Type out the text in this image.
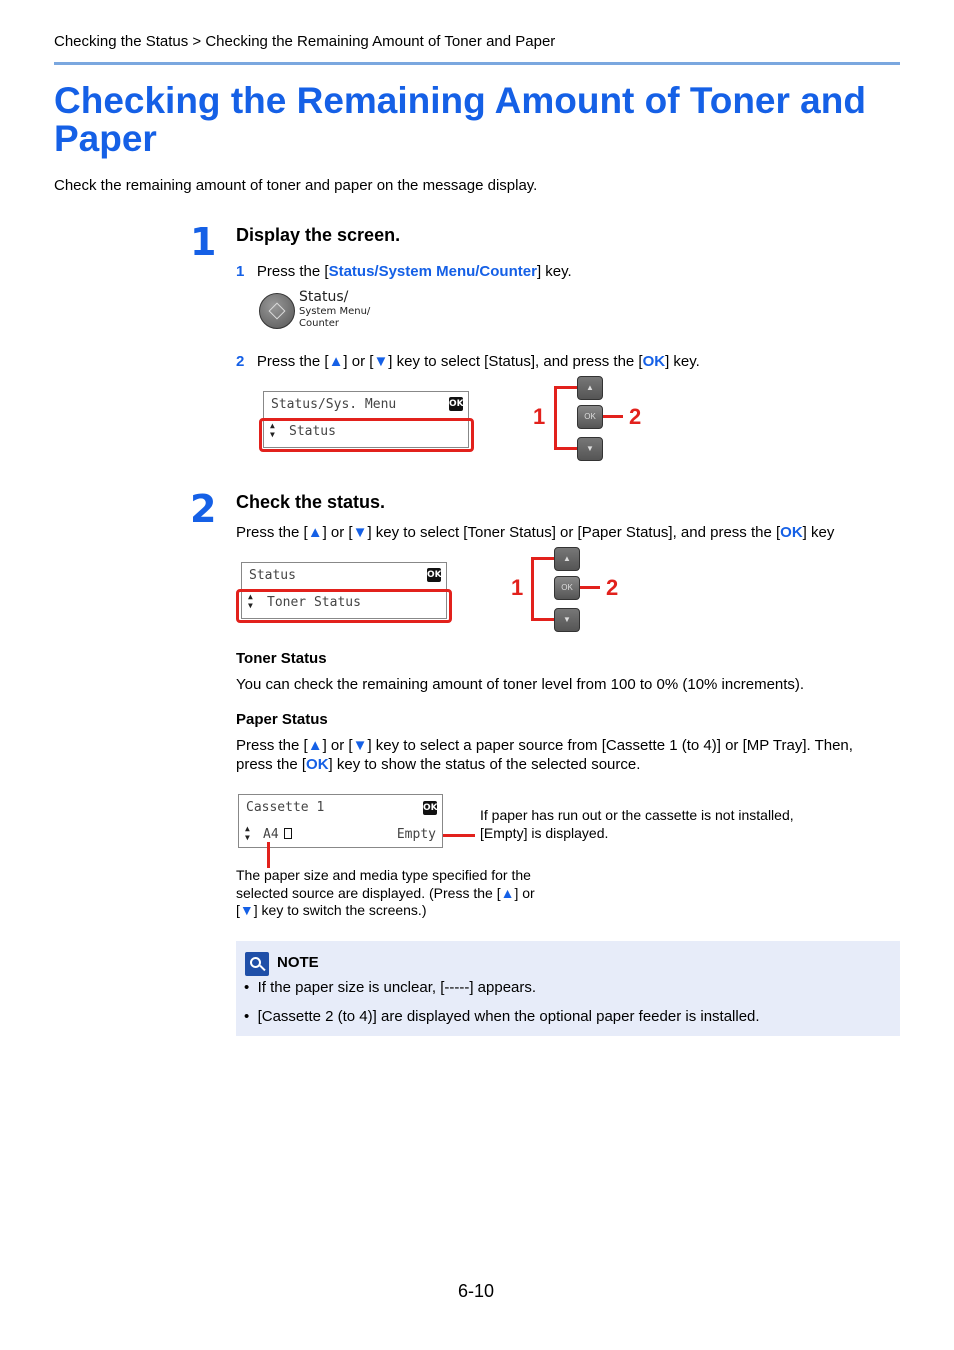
Checking the Status > Checking the Remaining Amount of Toner and Paper
Checking the Remaining Amount of Toner and Paper
Check the remaining amount of toner and paper on the message display.
1 Display the screen.
1 Press the [Status/System Menu/Counter] key.
Status/
System Menu/
Counter
2 Press the [▲] or [▼] key to select [Status], and press the [OK] key.
Status/Sys. Menu	OK
▲
▼ Status
▲
OK
▼
1	2
2 Check the status.
Press the [▲] or [▼] key to select [Toner Status] or [Paper Status], and press the [OK] key
Status	OK
▲
▼ Toner Status
▲
OK
▼
1	2
Toner Status
You can check the remaining amount of toner level from 100 to 0% (10% increments).
Paper Status
Press the [▲] or [▼] key to select a paper source from [Cassette 1 (to 4)] or [MP Tray]. Then,
press the [OK] key to show the status of the selected source.
Cassette 1	OK
▲
▼ A4	Empty
If paper has run out or the cassette is not installed,
[Empty] is displayed.
The paper size and media type specified for the
selected source are displayed. (Press the [▲] or
[▼] key to switch the screens.)
NOTE
•  If the paper size is unclear, [-----] appears.
•  [Cassette 2 (to 4)] are displayed when the optional paper feeder is installed.
6-10
